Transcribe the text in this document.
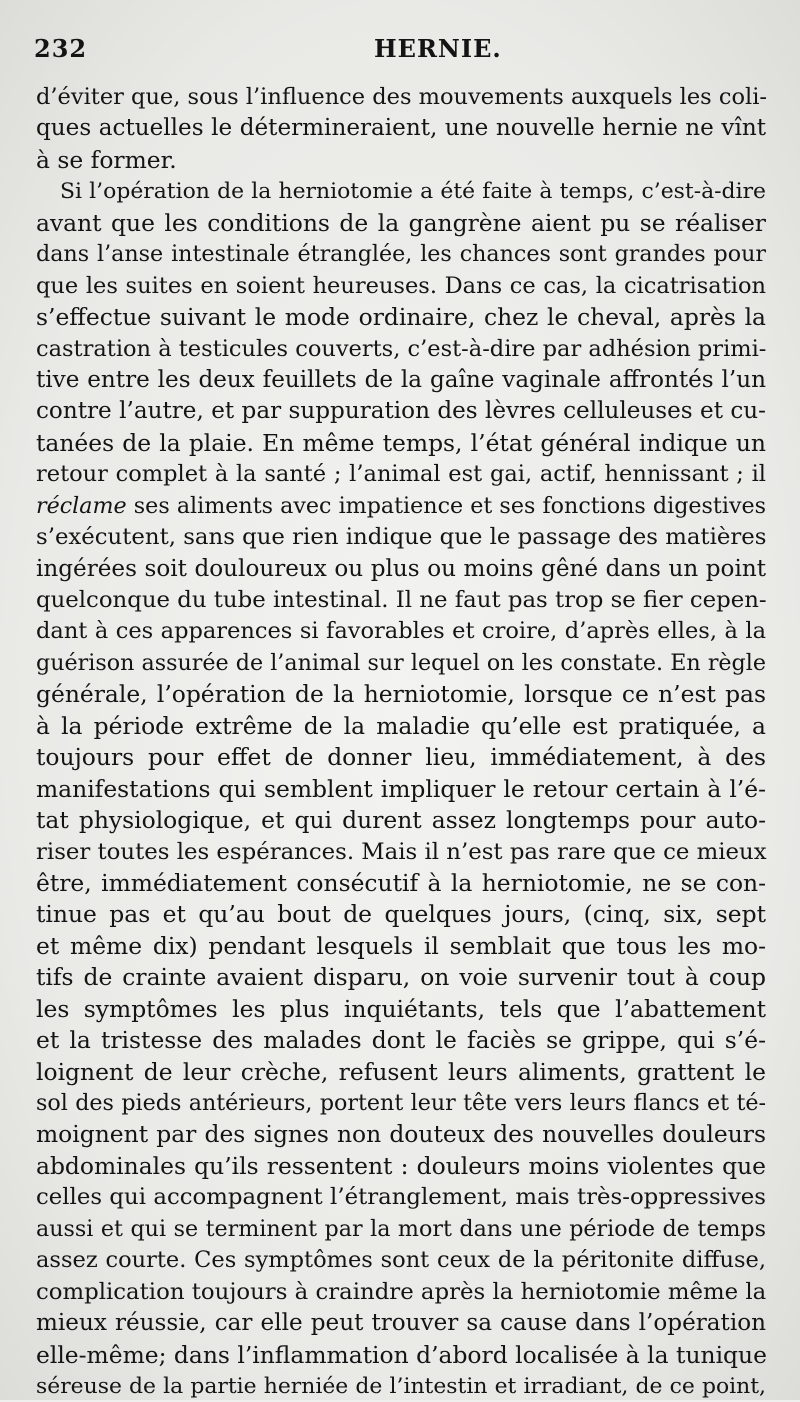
232	HERNIE.
d’éviter que, sous l’influence des mouvements auxquels les coli-
ques actuelles le détermineraient, une nouvelle hernie ne vînt
à se former.
Si l’opération de la herniotomie a été faite à temps, c’est-à-dire
avant que les conditions de la gangrène aient pu se réaliser
dans l’anse intestinale étranglée, les chances sont grandes pour
que les suites en soient heureuses. Dans ce cas, la cicatrisation
s’effectue suivant le mode ordinaire, chez le cheval, après la
castration à testicules couverts, c’est-à-dire par adhésion primi-
tive entre les deux feuillets de la gaîne vaginale affrontés l’un
contre l’autre, et par suppuration des lèvres celluleuses et cu-
tanées de la plaie. En même temps, l’état général indique un
retour complet à la santé ; l’animal est gai, actif, hennissant ; il
réclame ses aliments avec impatience et ses fonctions digestives
s’exécutent, sans que rien indique que le passage des matières
ingérées soit douloureux ou plus ou moins gêné dans un point
quelconque du tube intestinal. Il ne faut pas trop se fier cepen-
dant à ces apparences si favorables et croire, d’après elles, à la
guérison assurée de l’animal sur lequel on les constate. En règle
générale, l’opération de la herniotomie, lorsque ce n’est pas
à la période extrême de la maladie qu’elle est pratiquée, a
toujours pour effet de donner lieu, immédiatement, à des
manifestations qui semblent impliquer le retour certain à l’é-
tat physiologique, et qui durent assez longtemps pour auto-
riser toutes les espérances. Mais il n’est pas rare que ce mieux
être, immédiatement consécutif à la herniotomie, ne se con-
tinue pas et qu’au bout de quelques jours, (cinq, six, sept
et même dix) pendant lesquels il semblait que tous les mo-
tifs de crainte avaient disparu, on voie survenir tout à coup
les symptômes les plus inquiétants, tels que l’abattement
et la tristesse des malades dont le faciès se grippe, qui s’é-
loignent de leur crèche, refusent leurs aliments, grattent le
sol des pieds antérieurs, portent leur tête vers leurs flancs et té-
moignent par des signes non douteux des nouvelles douleurs
abdominales qu’ils ressentent : douleurs moins violentes que
celles qui accompagnent l’étranglement, mais très-oppressives
aussi et qui se terminent par la mort dans une période de temps
assez courte. Ces symptômes sont ceux de la péritonite diffuse,
complication toujours à craindre après la herniotomie même la
mieux réussie, car elle peut trouver sa cause dans l’opération
elle-même; dans l’inflammation d’abord localisée à la tunique
séreuse de la partie herniée de l’intestin et irradiant, de ce point,
